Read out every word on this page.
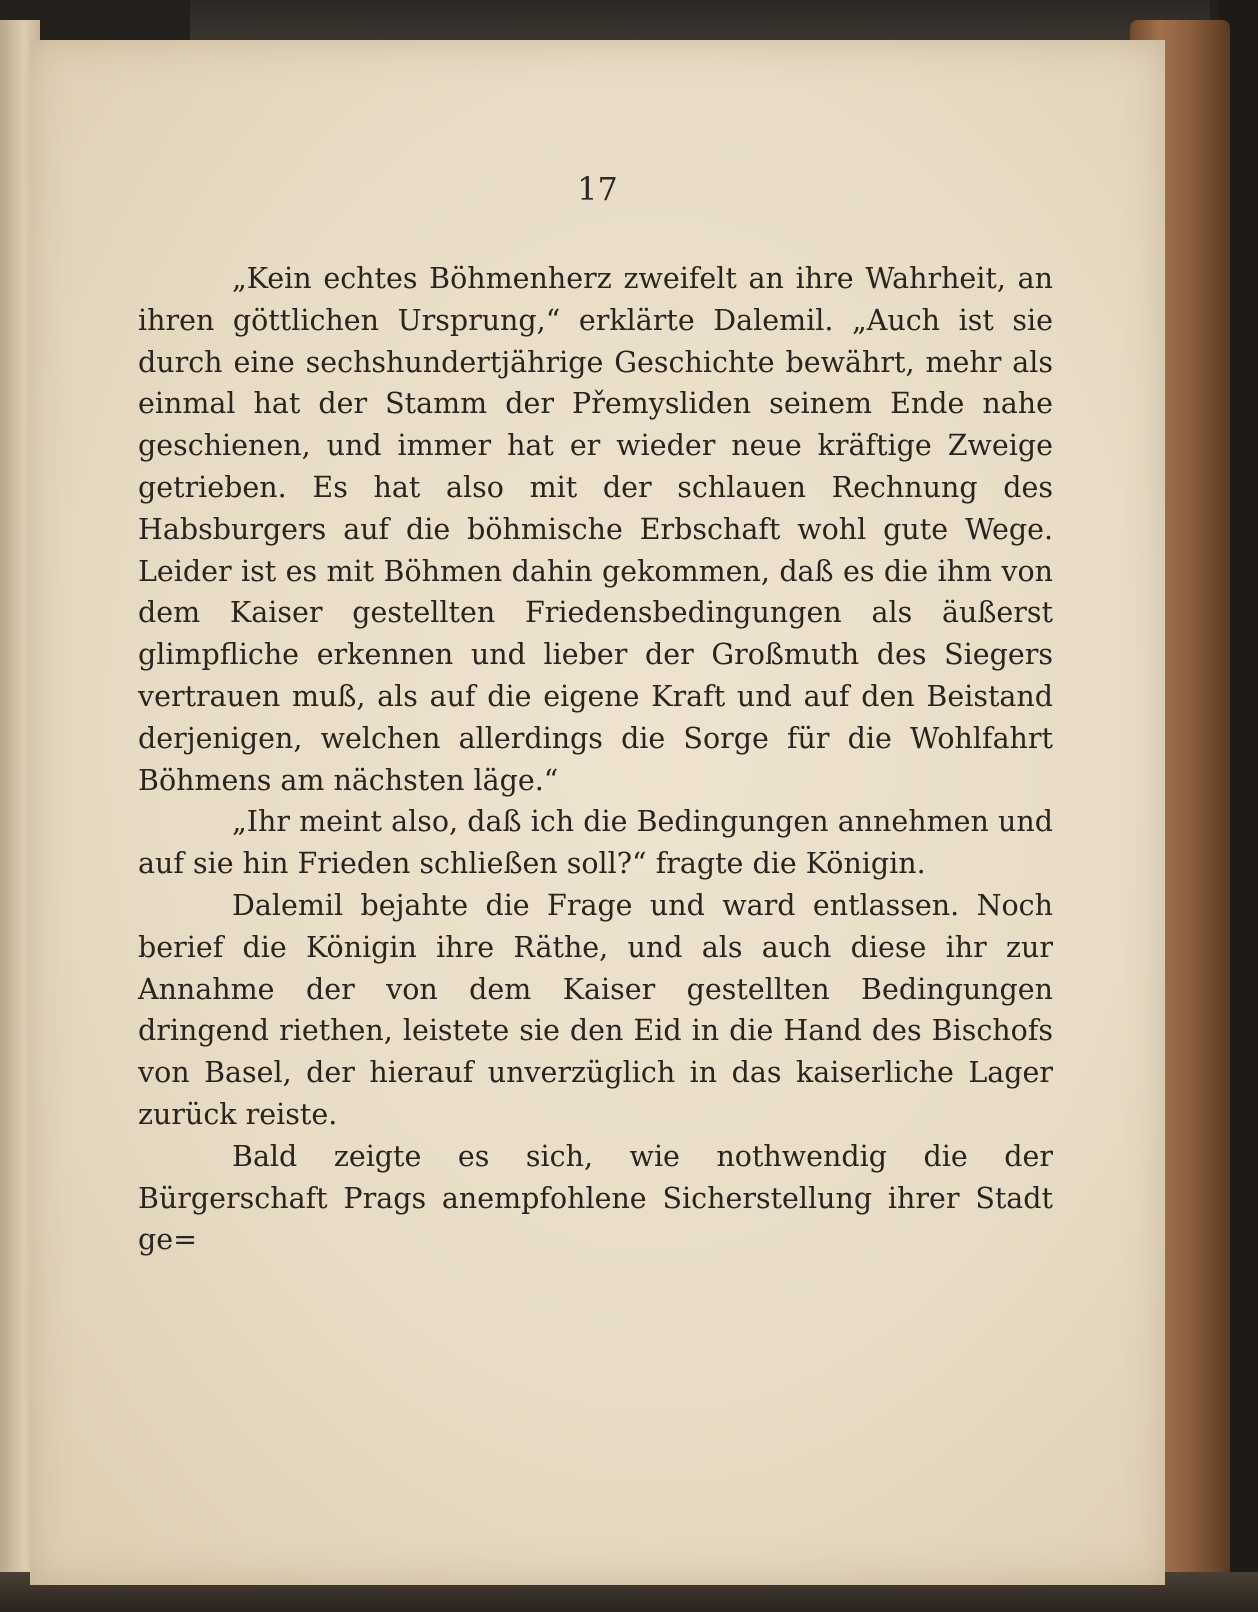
17

„Kein echtes Böhmenherz zweifelt an ihre Wahrheit, an ihren göttlichen Ursprung,“ erklärte Dalemil. „Auch ist sie durch eine sechshundertjährige Geschichte bewährt, mehr als einmal hat der Stamm der Přemysliden seinem Ende nahe geschienen, und immer hat er wieder neue kräftige Zweige getrieben. Es hat also mit der schlauen Rechnung des Habsburgers auf die böhmische Erbschaft wohl gute Wege. Leider ist es mit Böhmen dahin gekommen, daß es die ihm von dem Kaiser gestellten Friedensbedingungen als äußerst glimpfliche erkennen und lieber der Großmuth des Siegers vertrauen muß, als auf die eigene Kraft und auf den Beistand derjenigen, welchen allerdings die Sorge für die Wohlfahrt Böhmens am nächsten läge.“

„Ihr meint also, daß ich die Bedingungen annehmen und auf sie hin Frieden schließen soll?“ fragte die Königin.

Dalemil bejahte die Frage und ward entlassen. Noch berief die Königin ihre Räthe, und als auch diese ihr zur Annahme der von dem Kaiser gestellten Bedingungen dringend riethen, leistete sie den Eid in die Hand des Bischofs von Basel, der hierauf unverzüglich in das kaiserliche Lager zurück reiste.

Bald zeigte es sich, wie nothwendig die der Bürgerschaft Prags anempfohlene Sicherstellung ihrer Stadt ge=
